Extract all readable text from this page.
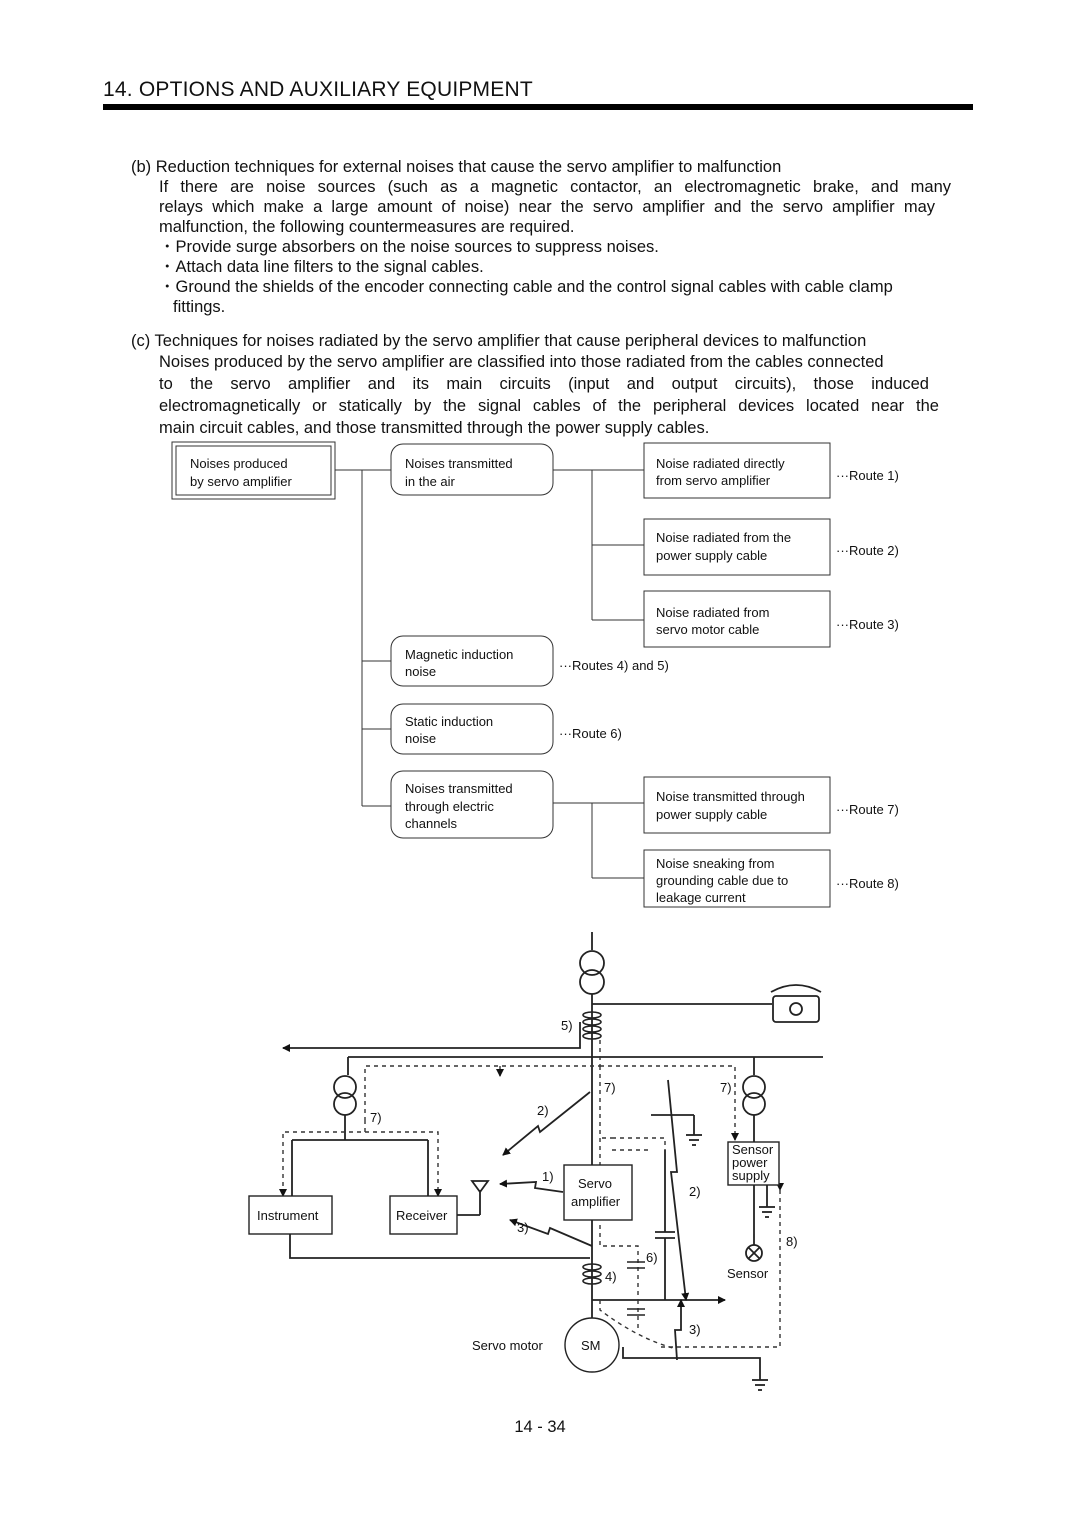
14. OPTIONS AND AUXILIARY EQUIPMENT
(b) Reduction techniques for external noises that cause the servo amplifier to malfunction
If there are noise sources (such as a magnetic contactor, an electromagnetic brake, and many
relays which make a large amount of noise) near the servo amplifier and the servo amplifier may
malfunction, the following countermeasures are required.
・Provide surge absorbers on the noise sources to suppress noises.
・Attach data line filters to the signal cables.
・Ground the shields of the encoder connecting cable and the control signal cables with cable clamp
fittings.
(c) Techniques for noises radiated by the servo amplifier that cause peripheral devices to malfunction
Noises produced by the servo amplifier are classified into those radiated from the cables connected
to the servo amplifier and its main circuits (input and output circuits), those induced
electromagnetically or statically by the signal cables of the peripheral devices located near the
main circuit cables, and those transmitted through the power supply cables.
Noises produced
by servo amplifier
Noises transmitted
in the air
Magnetic induction
noise
Static induction
noise
Noises transmitted
through electric
channels
Noise radiated directly
from servo amplifier
Noise radiated from the
power supply cable
Noise radiated from
servo motor cable
Noise transmitted through
power supply cable
Noise sneaking from
grounding cable due to
leakage current
···Route 1)
···Route 2)
···Route 3)
···Routes 4) and 5)
···Route 6)
···Route 7)
···Route 8)
Instrument	Receiver
Servo
amplifier
Sensor
power
supply
Sensor
Servo motor	SM
1)
2)
2)
3)
3)
4)
5)
6)
7)
7)	7)
8)
14 - 34
